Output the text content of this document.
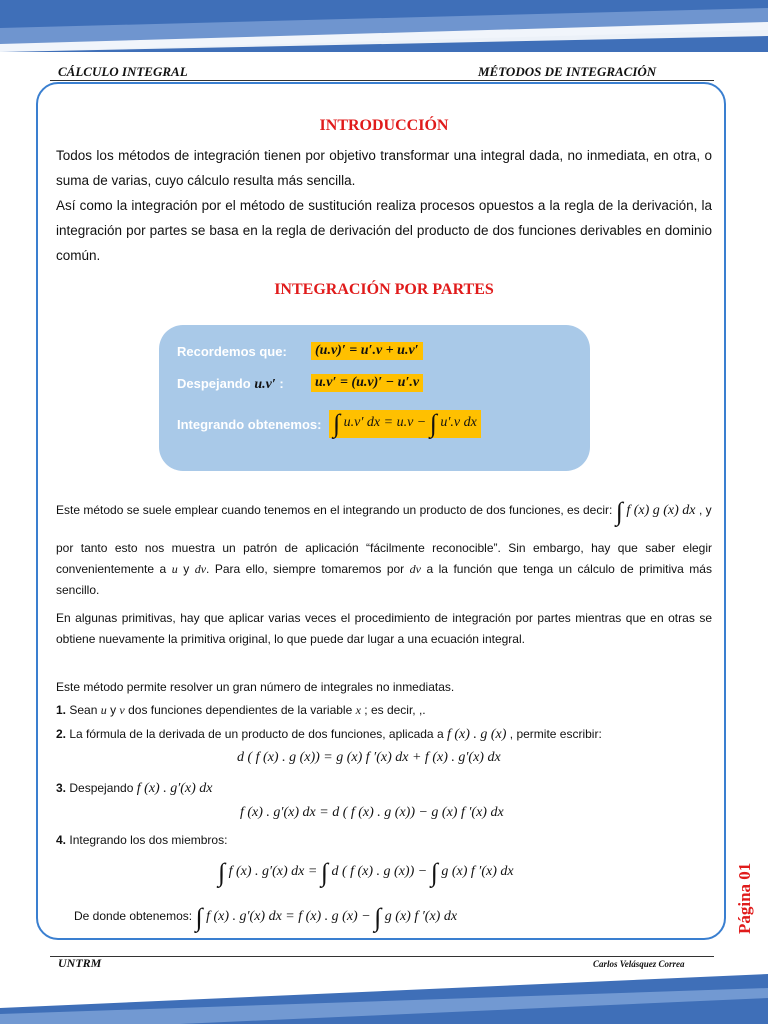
CÁLCULO INTEGRAL	MÉTODOS DE INTEGRACIÓN
INTRODUCCIÓN
Todos los métodos de integración tienen por objetivo transformar una integral dada, no inmediata, en otra, o suma de varias, cuyo cálculo resulta más sencilla.
Así como la integración por el método de sustitución realiza procesos opuestos a la regla de la derivación, la integración por partes se basa en la regla de derivación del producto de dos funciones derivables en dominio común.
INTEGRACIÓN POR PARTES
Recordemos que: (u.v)′ = u′.v + u.v′
Despejando u.v′ : u.v′ = (u.v)′ − u′.v
Integrando obtenemos: ∫ u.v′ dx = u.v − ∫ u′.v dx
Este método se suele emplear cuando tenemos en el integrando un producto de dos funciones, es decir: ∫ f (x) g (x) dx , y
por tanto esto nos muestra un patrón de aplicación “fácilmente reconocible”. Sin embargo, hay que saber elegir convenientemente a u y dv. Para ello, siempre tomaremos por dv a la función que tenga un cálculo de primitiva más sencillo.
En algunas primitivas, hay que aplicar varias veces el procedimiento de integración por partes mientras que en otras se obtiene nuevamente la primitiva original, lo que puede dar lugar a una ecuación integral.
Este método permite resolver un gran número de integrales no inmediatas.
1. Sean u y v dos funciones dependientes de la variable x ; es decir, ,.
2. La fórmula de la derivada de un producto de dos funciones, aplicada a f (x) . g (x) , permite escribir:
d ( f (x) . g (x)) = g (x) f ′(x) dx + f (x) . g′(x) dx
3. Despejando f (x) . g′(x) dx
f (x) . g′(x) dx = d ( f (x) . g (x)) − g (x) f ′(x) dx
4. Integrando los dos miembros:
∫ f (x) . g′(x) dx = ∫ d ( f (x) . g (x)) − ∫ g (x) f ′(x) dx
De donde obtenemos: ∫ f (x) . g′(x) dx = f (x) . g (x) − ∫ g (x) f ′(x) dx	Página 01
UNTRM	Carlos Velásquez Correa
